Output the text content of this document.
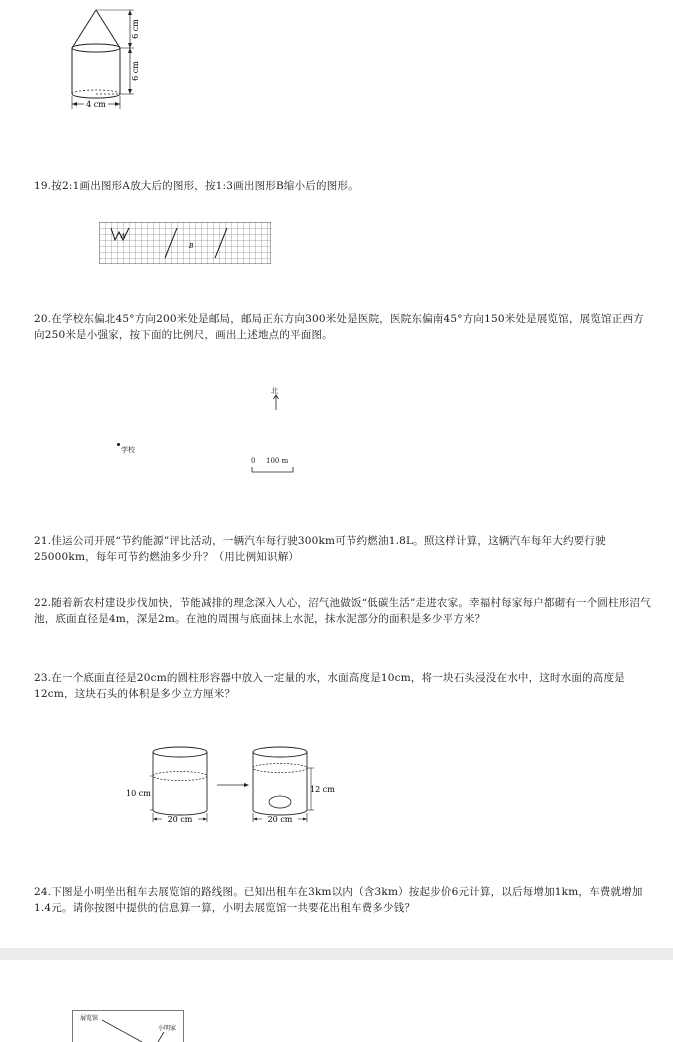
6 cm
6 cm
4 cm
19.按2:1画出图形A放大后的图形，按1:3画出图形B缩小后的图形。
A
B
20.在学校东偏北45°方向200米处是邮局，邮局正东方向300米处是医院，医院东偏南45°方向150米处是展览馆，展览馆正西方向250米是小强家，按下面的比例尺，画出上述地点的平面图。
北
学校
0 100 m
21.佳运公司开展“节约能源”评比活动，一辆汽车每行驶300km可节约燃油1.8L。照这样计算，这辆汽车每年大约要行驶25000km，每年可节约燃油多少升？（用比例知识解）
22.随着新农村建设步伐加快，节能减排的理念深入人心，沼气池做饭“低碳生活”走进农家。幸福村每家每户都砌有一个圆柱形沼气池，底面直径是4m，深是2m。在池的周围与底面抹上水泥，抹水泥部分的面积是多少平方米？
23.在一个底面直径是20cm的圆柱形容器中放入一定量的水，水面高度是10cm，将一块石头浸没在水中，这时水面的高度是12cm，这块石头的体积是多少立方厘米？
10 cm
20 cm
12 cm
20 cm
24.下图是小明坐出租车去展览馆的路线图。已知出租车在3km以内（含3km）按起步价6元计算，以后每增加1km，车费就增加1.4元。请你按图中提供的信息算一算，小明去展览馆一共要花出租车费多少钱？
展览馆
小明家
